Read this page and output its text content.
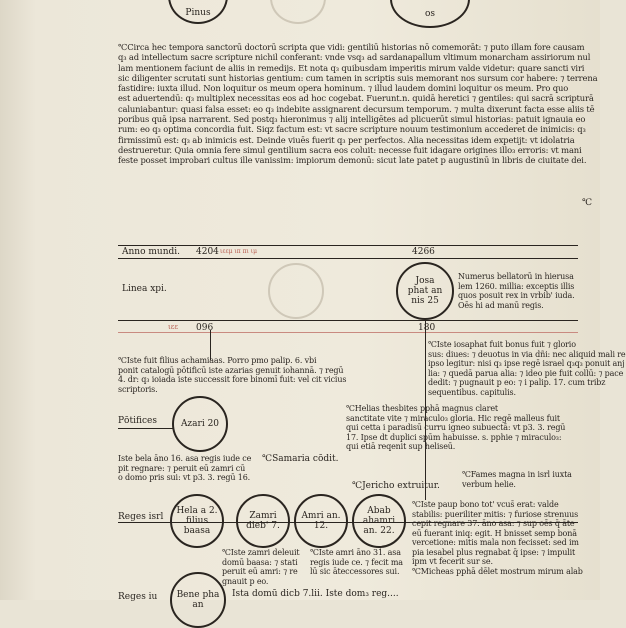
Pinus	os
℃Circa hec tempora sanctorū doctorū scripta que vidi: gentiliū historias nō comemorāt: ⁊ puto illam fore causam
q₃ ad intellectum sacre scripture nichil conferant: vnde vsq₃ ad sardanapallum vltimum monarcham assiriorum nul
lam mentionem faciunt de aliis in remedijs. Et nota q₃ quibusdam imperitis mirum valde videtur: quare sancti viri
sic diligenter scrutati sunt historias gentium: cum tamen in scriptis suis memorant nos sursum cor habere: ⁊ terrena
fastidire: iuxta illud. Non loquitur os meum opera hominum. ⁊ illud laudem domini loquitur os meum. Pro quo
est aduertendū: q₃ multiplex necessitas eos ad hoc cogebat. Fuerunt.n. quidā heretici ⁊ gentiles: qui sacrā scripturā
caluniabantur: quasi falsa esset: eo q₃ indebite assignarent decursum temporum. ⁊ multa dixerunt facta esse aliis tē
poribus quā ipsa narrarent. Sed postq₃ hieronimus ⁊ alij intelligētes ad plicuerūt simul historias: patuit ignauia eo
rum: eo q₃ optima concordia fuit. Siqz factum est: vt sacre scripture nouum testimonium accederet de inimicis: q₃
firmissimū est: q₃ ab inimicis est. Deinde viuēs fuerit q₃ per perfectos. Alia necessitas idem expetijt: vt idolatria
destrueretur. Quia omnia fere simul gentilium sacra eos coluit: necesse fuit idagare origines illo₃ erroris: vt mani
feste posset improbari cultus ille vanissim: impiorum demonū: sicut late patet p augustinū in libris de ciuitate dei.
Anno mundi. 4204 ιεεμ ιπ πι ιμ	4266
Linea xpi.
Josa phat an nis 25
Numerus bellatorū in hierusa
lem 1260. millia: exceptis illis
quos posuit rex in vrbib' iuda.
Oēs hi ad manū regis.
ιεε 096	180
℃Iste fuit filius achamiaas. Porro pmo palip. 6. vbi
ponit catalogū pōtificū iste azarias genuit iohannā. ⁊ regū
4. dr: q₃ ioiada iste successit fore binomī fuit: vel cit vicius
scriptoris.
℃Iste iosaphat fuit bonus fuit ⁊ glorio
sus: diues: ⁊ deuotus in via dñi: nec aliquid mali re
ipso legitur: nisi q₃ ipse regē israel q₃q₃ ponuit anj
lia: ⁊ quedā parua alia: ⁊ ideo pie fuit collū: ⁊ pace
dedit: ⁊ pugnauit p eo: ⁊ i palip. 17. cum tribz
sequentibus. capitulis.
Pōtifices	Azari 20
℃Helias thesbites pphā magnus claret
sanctitate vite ⁊ miraculo₃ gloria. Hic regē malleus fuit
qui cetta i paradisū curru igneo subuectā: vt p3. 3. regū
17. Ipse dt duplici spūm habuisse. s. pphie ⁊ miraculo₃:
qui etiā reqenit sup heliseū.
Iste bela āno 16. asa regis iude ce
pit regnare: ⁊ peruit eū zamri cū
o domo pris sui: vt p3. 3. regū 16.
℃Samaria cōdit.
℃Fames magna in isrl iuxta
verbum helie.
℃Jericho extruitur.
Reges isrl
Hela a 2. filius baasa
Zamri dieb' 7.
Amri an. 12.
Abab ahamri an. 22.
℃Iste zamri deleuit
domū baasa: ⁊ stati
peruit eū amri: ⁊ re
gnauit p eo.
℃Iste amri āno 31. asa
regis iude ce. ⁊ fecit ma
lū sic āteccessores sui.
℃Iste paup bono tot' vcus̄ erat: valde
stabilis: pueriliter mitis: ⁊ furiose strenuus
cepit regnare 37. āno asa: ⁊ sup oēs q̄ āte
eū fuerant iniq: egit. H bnisset semp bonā
vercetione: mitis mala non fecisset: sed im
pia iesabel plus regnabat q̄ ipse: ⁊ impulit
ipm vt fecerit sur se.
℃Micheas pphā dēlet mostrum mirum alab
Reges iu Bene pha an
Ista domū dicb 7.lii. Iste dom₃ reg....
℃
